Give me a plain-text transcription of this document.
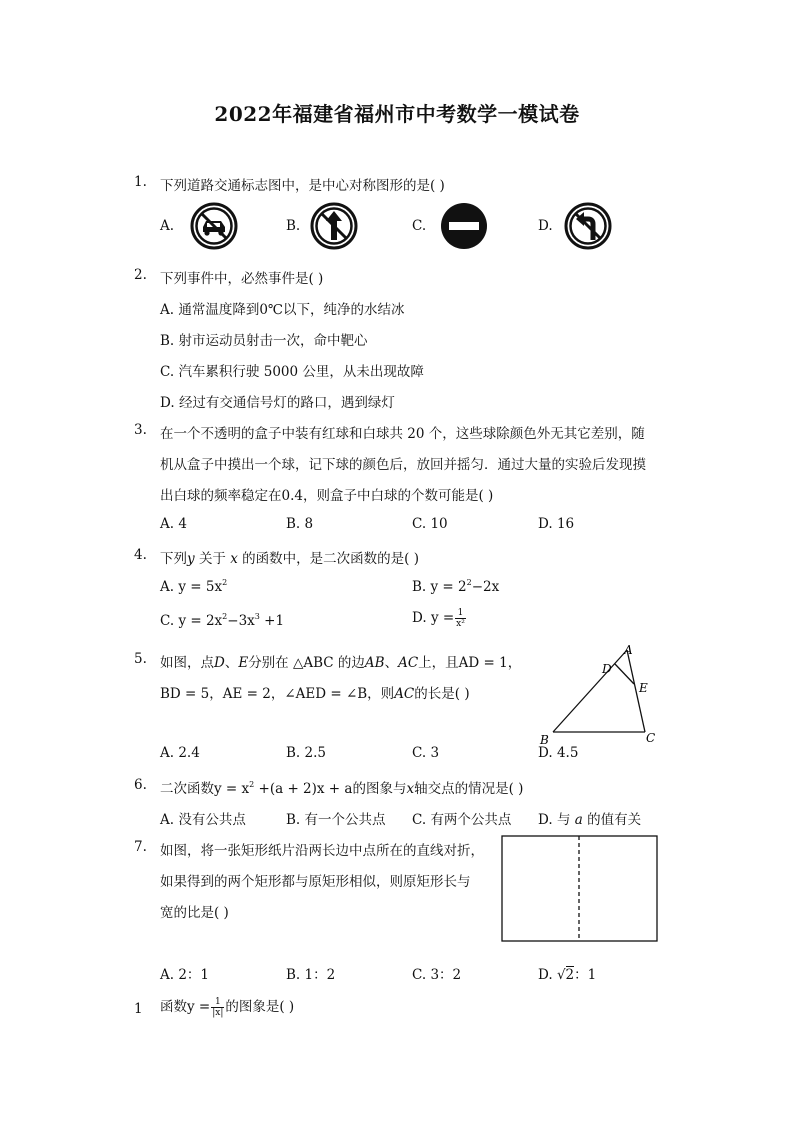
2022年福建省福州市中考数学一模试卷
1. 下列道路交通标志图中，是中心对称图形的是( )
A.	B.	C.	D.
2. 下列事件中，必然事件是( )
A. 通常温度降到0℃以下，纯净的水结冰
B. 射市运动员射击一次，命中靶心
C. 汽车累积行驶 5000 公里，从未出现故障
D. 经过有交通信号灯的路口，遇到绿灯
3. 在一个不透明的盒子中装有红球和白球共 20 个，这些球除颜色外无其它差别，随
机从盒子中摸出一个球，记下球的颜色后，放回并摇匀．通过大量的实验后发现摸
出白球的频率稳定在0.4，则盒子中白球的个数可能是( )
A. 4	B. 8	C. 10	D. 16
4. 下列y 关于 x 的函数中，是二次函数的是( )
A. $y = 5x^2$	B. $y = 2^2-2x$
C. $y = 2x^2-3x^3 +1$	D. $y = \frac{1}{\text{x²}}$
5. 如图，点D、E分别在 △ABC 的边AB、AC上，且AD = 1，
BD = 5，AE = 2，∠AED = ∠B，则AC的长是( )
A
D
E
B	C
A. 2.4	B. 2.5	C. 3	D. 4.5
6. 二次函数$y = x^2 +(a + 2)x + a$的图象与x轴交点的情况是( )
A. 没有公共点	B. 有一个公共点 C. 有两个公共点 D. 与 a 的值有关
7. 如图，将一张矩形纸片沿两长边中点所在的直线对折，
如果得到的两个矩形都与原矩形相似，则原矩形长与
宽的比是( )
A. 2：1	B. 1：2	C. 3：2	D. √2：1
1 函数$y = \frac{1}{|x|}$ 的图象是( )
